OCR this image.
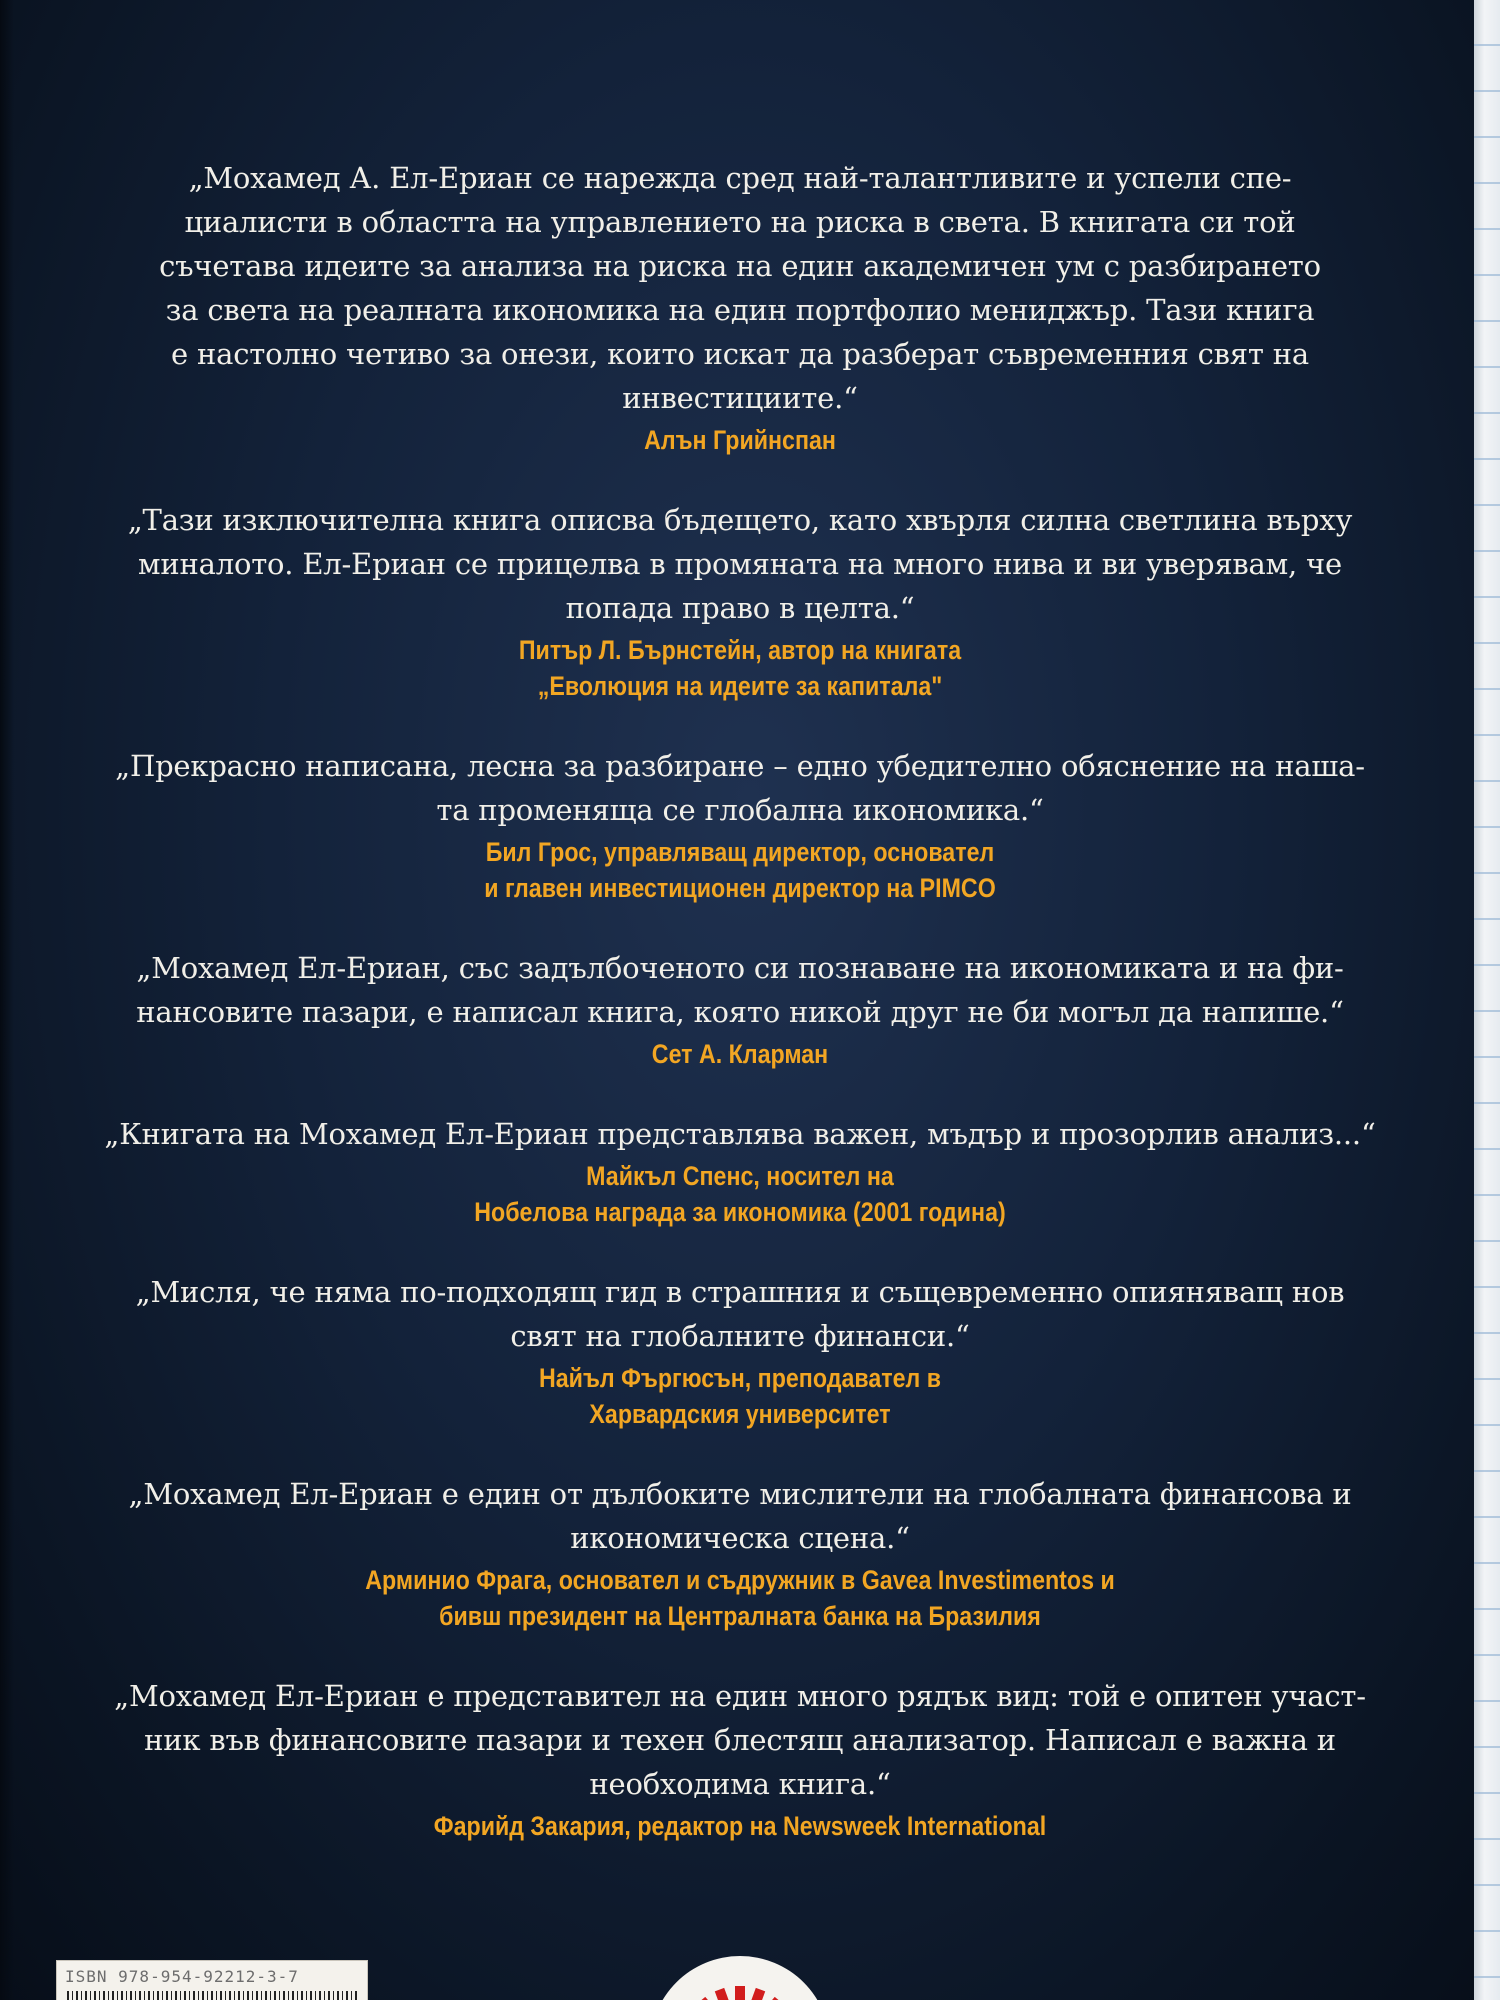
„Мохамед А. Ел-Ериан се нарежда сред най-талантливите и успели спе-
циалисти в областта на управлението на риска в света. В книгата си той
съчетава идеите за анализа на риска на един академичен ум с разбирането
за света на реалната икономика на един портфолио мениджър. Тази книга
е настолно четиво за онези, които искат да разберат съвременния свят на
инвестициите.“

Алън Грийнспан

„Тази изключителна книга описва бъдещето, като хвърля силна светлина върху
миналото. Ел-Ериан се прицелва в промяната на много нива и ви уверявам, че
попада право в целта.“

Питър Л. Бърнстейн, автор на книгата
„Еволюция на идеите за капитала"

„Прекрасно написана, лесна за разбиране – едно убедително обяснение на наша-
та променяща се глобална икономика.“

Бил Грос, управляващ директор, основател
и главен инвестиционен директор на PIMCO

„Мохамед Ел-Ериан, със задълбоченото си познаване на икономиката и на фи-
нансовите пазари, е написал книга, която никой друг не би могъл да напише.“

Сет А. Кларман

„Книгата на Мохамед Ел-Ериан представлява важен, мъдър и прозорлив анализ...“

Майкъл Спенс, носител на
Нобелова награда за икономика (2001 година)

„Мисля, че няма по-подходящ гид в страшния и същевременно опияняващ нов
свят на глобалните финанси.“

Найъл Фъргюсън, преподавател в
Харвардския университет

„Мохамед Ел-Ериан е един от дълбоките мислители на глобалната финансова и
икономическа сцена.“

Арминио Фрага, основател и съдружник в Gavea Investimentos и
бивш президент на Централната банка на Бразилия

„Мохамед Ел-Ериан е представител на един много рядък вид: той е опитен участ-
ник във финансовите пазари и техен блестящ анализатор. Написал е важна и
необходима книга.“

Фарийд Закария, редактор на Newsweek International

ISBN 978-954-92212-3-7
